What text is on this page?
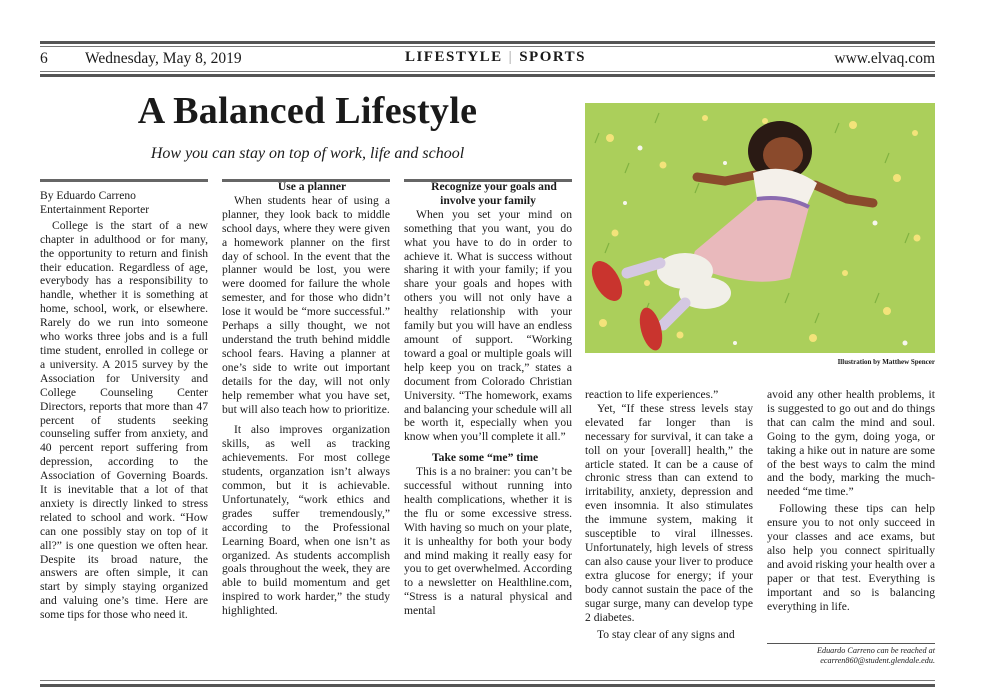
6 Wednesday, May 8, 2019	LIFESTYLE | SPORTS	www.elvaq.com
A Balanced Lifestyle
How you can stay on top of work, life and school

By Eduardo Carreno

Entertainment Reporter

College is the start of a new chapter in adulthood or for many, the opportunity to return and finish their education. Regardless of age, everybody has a responsibility to handle, whether it is something at home, school, work, or elsewhere. Rarely do we run into someone who works three jobs and is a full time student, enrolled in college or a university. A 2015 survey by the Association for University and College Counseling Center Directors, reports that more than 47 percent of students seeking counseling suffer from anxiety, and 40 percent report suffering from depression, according to the Association of Governing Boards. It is inevitable that a lot of that anxiety is directly linked to stress related to school and work. “How can one possibly stay on top of it all?” is one question we often hear. Despite its broad nature, the answers are often simple, it can start by simply staying organized and valuing one’s time. Here are some tips for those who need it.

Use a planner

When students hear of using a planner, they look back to middle school days, where they were given a homework planner on the first day of school. In the event that the planner would be lost, you were were doomed for failure the whole semester, and for those who didn’t lose it would be “more successful.” Perhaps a silly thought, we not understand the truth behind middle school fears. Having a planner at one’s side to write out important details for the day, will not only help remember what you have set, but will also teach how to prioritize.

It also improves organization skills, as well as tracking achievements. For most college students, organzation isn’t always common, but it is achievable. Unfortunately, “work ethics and grades suffer tremendously,” according to the Professional Learning Board, when one isn’t as organized. As students accomplish goals throughout the week, they are able to build momentum and get inspired to work harder,” the study highlighted.

Recognize your goals and involve your family

When you set your mind on something that you want, you do what you have to do in order to achieve it. What is success without sharing it with your family; if you share your goals and hopes with others you will not only have a healthy relationship with your family but you will have an endless amount of support. “Working toward a goal or multiple goals will help keep you on track,” states a document from Colorado Christian University. “The homework, exams and balancing your schedule will all be worth it, especially when you know when you’ll complete it all.”

Take some “me” time

This is a no brainer: you can’t be successful without running into health complications, whether it is the flu or some excessive stress. With having so much on your plate, it is unhealthy for both your body and mind making it really easy for you to get overwhelmed. According to a newsletter on Healthline.com, “Stress is a natural physical and mental

Illustration by Matthew Spencer

reaction to life experiences.”

Yet, “If these stress levels stay elevated far longer than is necessary for survival, it can take a toll on your [overall] health,” the article stated. It can be a cause of chronic stress than can extend to irritability, anxiety, depression and even insomnia. It also stimulates the immune system, making it susceptible to viral illnesses. Unfortunately, high levels of stress can also cause your liver to produce extra glucose for energy; if your body cannot sustain the pace of the sugar surge, many can develop type 2 diabetes.

To stay clear of any signs and

avoid any other health problems, it is suggested to go out and do things that can calm the mind and soul. Going to the gym, doing yoga, or taking a hike out in nature are some of the best ways to calm the mind and the body, marking the much-needed “me time.”

Following these tips can help ensure you to not only succeed in your classes and ace exams, but also help you connect spiritually and avoid risking your health over a paper or that test. Everything is important and so is balancing everything in life.

Eduardo Carreno can be reached at
ecarren860@student.glendale.edu.
